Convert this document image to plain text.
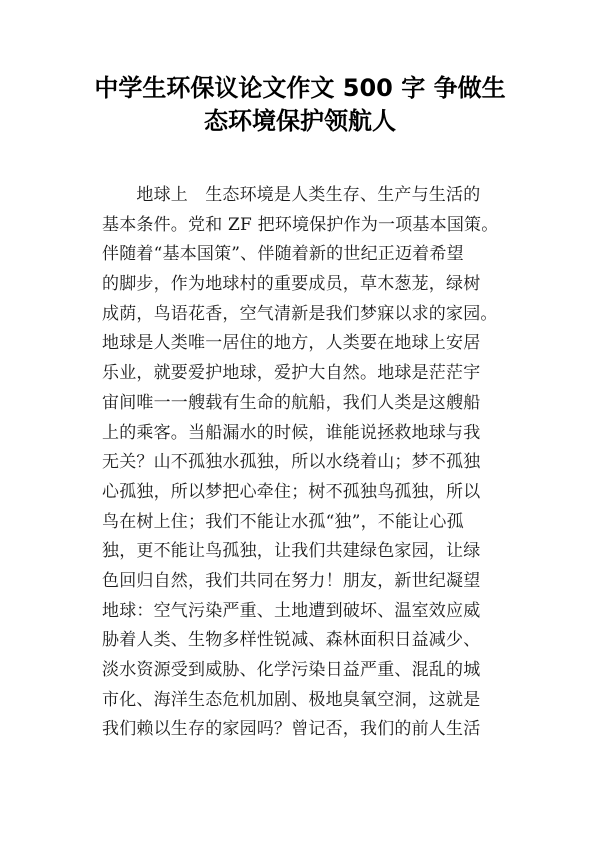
中学生环保议论文作文 500 字 争做生
态环境保护领航人
　　地球上　生态环境是人类生存、生产与生活的
基本条件。党和 ZF 把环境保护作为一项基本国策。
伴随着“基本国策”、伴随着新的世纪正迈着希望
的脚步，作为地球村的重要成员，草木葱茏，绿树
成荫，鸟语花香，空气清新是我们梦寐以求的家园。
地球是人类唯一居住的地方，人类要在地球上安居
乐业，就要爱护地球，爱护大自然。地球是茫茫宇
宙间唯一一艘载有生命的航船，我们人类是这艘船
上的乘客。当船漏水的时候，谁能说拯救地球与我
无关？山不孤独水孤独，所以水绕着山；梦不孤独
心孤独，所以梦把心牵住；树不孤独鸟孤独，所以
鸟在树上住；我们不能让水孤“独”，不能让心孤
独，更不能让鸟孤独，让我们共建绿色家园，让绿
色回归自然，我们共同在努力！朋友，新世纪凝望
地球：空气污染严重、土地遭到破坏、温室效应威
胁着人类、生物多样性锐减、森林面积日益减少、
淡水资源受到威胁、化学污染日益严重、混乱的城
市化、海洋生态危机加剧、极地臭氧空洞，这就是
我们赖以生存的家园吗？曾记否，我们的前人生活
